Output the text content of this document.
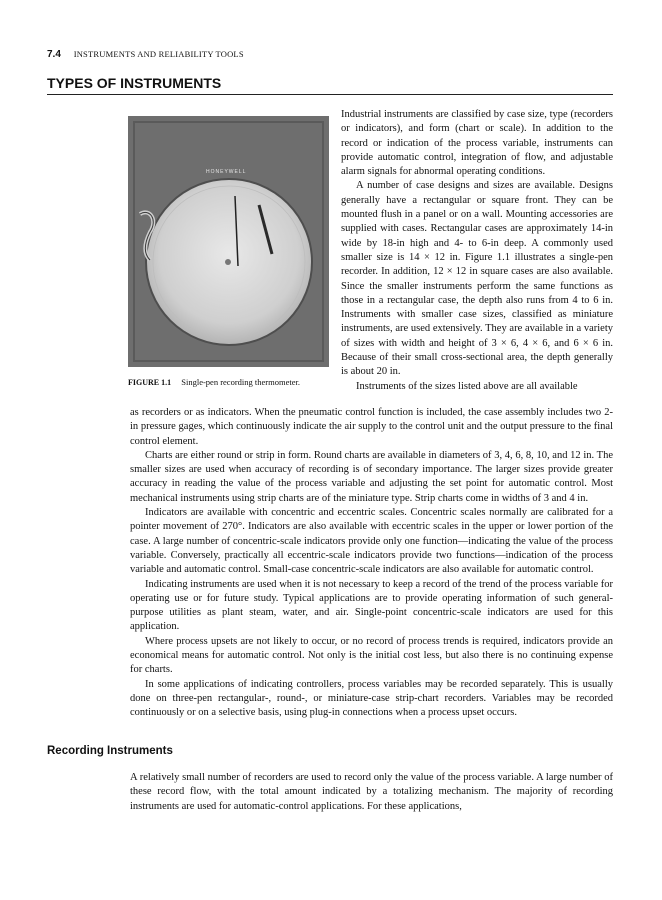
7.4 INSTRUMENTS AND RELIABILITY TOOLS
TYPES OF INSTRUMENTS
HONEYWELL
FIGURE 1.1 Single-pen recording thermometer.

Industrial instruments are classified by case size, type (recorders or indicators), and form (chart or scale). In addition to the record or indication of the process variable, instruments can provide automatic control, integration of flow, and adjustable alarm signals for abnormal operating conditions.

A number of case designs and sizes are available. Designs generally have a rectangular or square front. They can be mounted flush in a panel or on a wall. Mounting accessories are supplied with cases. Rectangular cases are approximately 14-in wide by 18-in high and 4- to 6-in deep. A commonly used smaller size is 14 × 12 in. Figure 1.1 illustrates a single-pen recorder. In addition, 12 × 12 in square cases are also available. Since the smaller instruments perform the same functions as those in a rectangular case, the depth also runs from 4 to 6 in. Instruments with smaller case sizes, classified as miniature instruments, are used extensively. They are available in a variety of sizes with width and height of 3 × 6, 4 × 6, and 6 × 6 in. Because of their small cross-sectional area, the depth generally is about 20 in.

Instruments of the sizes listed above are all available

as recorders or as indicators. When the pneumatic control function is included, the case assembly includes two 2-in pressure gages, which continuously indicate the air supply to the control unit and the output pressure to the final control element.

Charts are either round or strip in form. Round charts are available in diameters of 3, 4, 6, 8, 10, and 12 in. The smaller sizes are used when accuracy of recording is of secondary importance. The larger sizes provide greater accuracy in reading the value of the process variable and adjusting the set point for automatic control. Most mechanical instruments using strip charts are of the miniature type. Strip charts come in widths of 3 and 4 in.

Indicators are available with concentric and eccentric scales. Concentric scales normally are calibrated for a pointer movement of 270°. Indicators are also available with eccentric scales in the upper or lower portion of the case. A large number of concentric-scale indicators provide only one function—indicating the value of the process variable. Conversely, practically all eccentric-scale indicators provide two functions—indication of the process variable and automatic control. Small-case concentric-scale indicators are also available for automatic control.

Indicating instruments are used when it is not necessary to keep a record of the trend of the process variable for operating use or for future study. Typical applications are to provide operating information of such general-purpose utilities as plant steam, water, and air. Single-point concentric-scale indicators are used for this application.

Where process upsets are not likely to occur, or no record of process trends is required, indicators provide an economical means for automatic control. Not only is the initial cost less, but also there is no continuing expense for charts.

In some applications of indicating controllers, process variables may be recorded separately. This is usually done on three-pen rectangular-, round-, or miniature-case strip-chart recorders. Variables may be recorded continuously or on a selective basis, using plug-in connections when a process upset occurs.

Recording Instruments

A relatively small number of recorders are used to record only the value of the process variable. A large number of these record flow, with the total amount indicated by a totalizing mechanism. The majority of recording instruments are used for automatic-control applications. For these applications,
